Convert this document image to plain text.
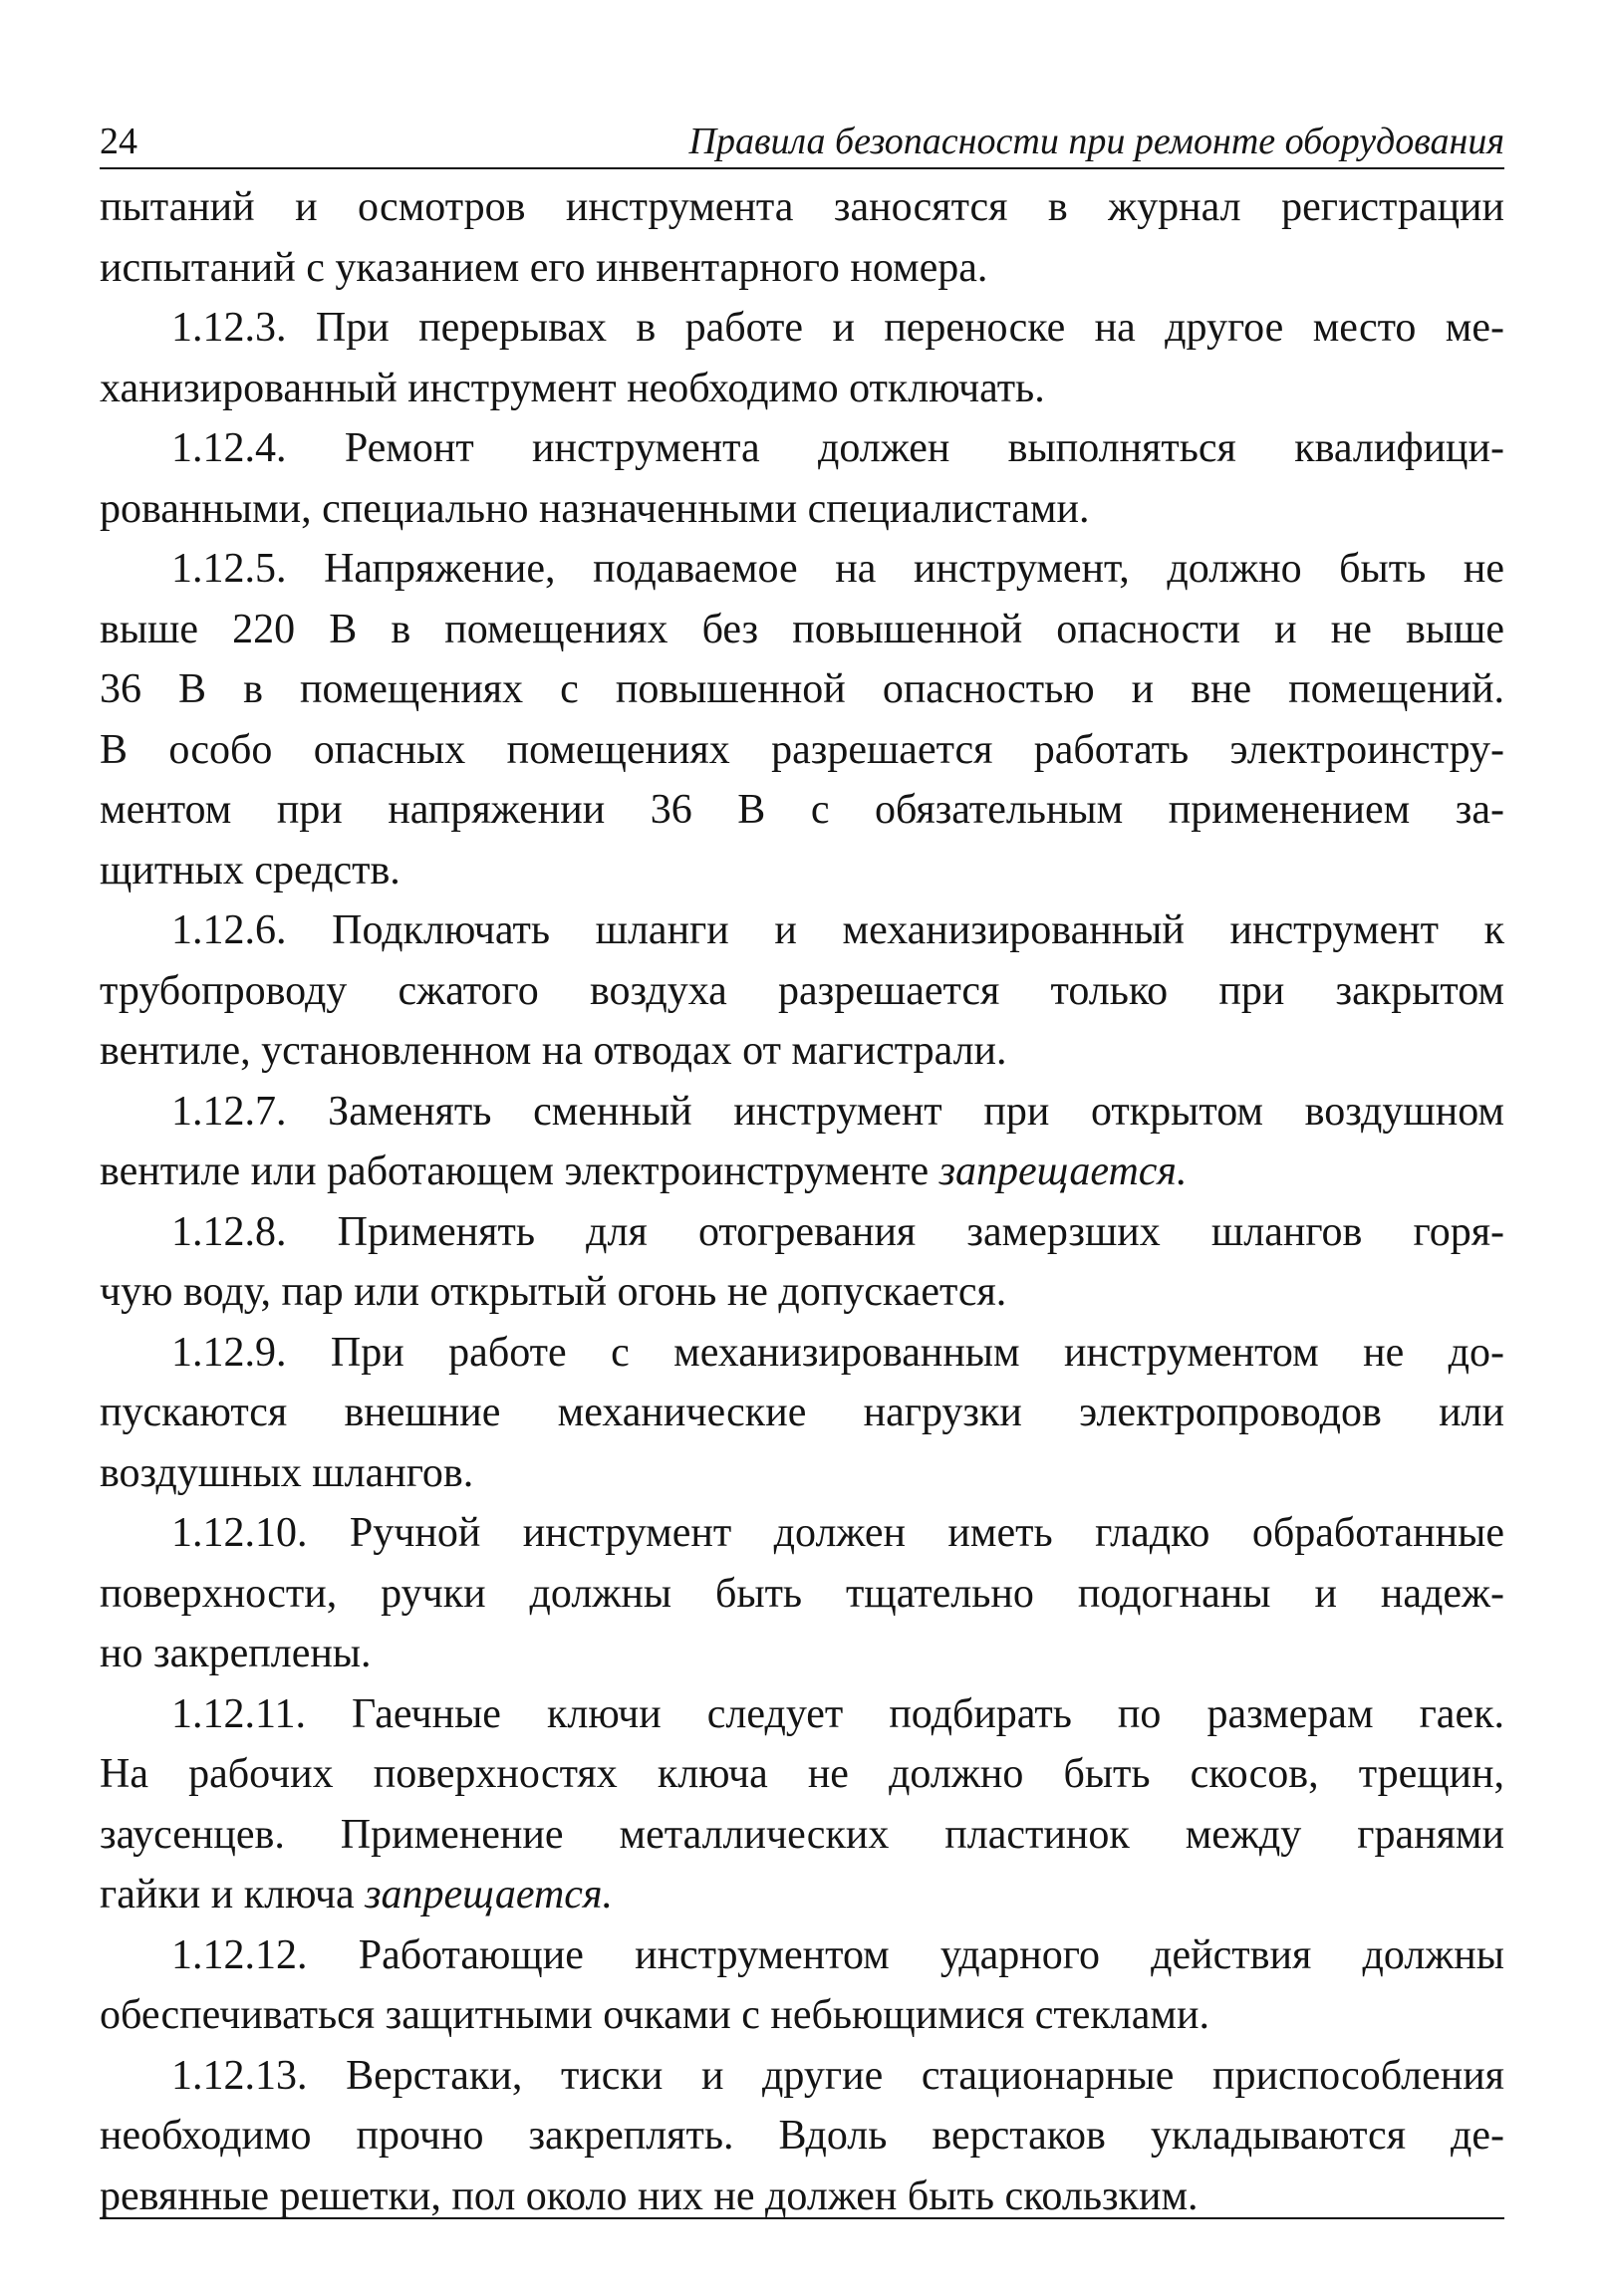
24	Правила безопасности при ремонте оборудования
пытаний и осмотров инструмента заносятся в журнал регистрации
испытаний с указанием его инвентарного номера.
1.12.3. При перерывах в работе и переноске на другое место ме-
ханизированный инструмент необходимо отключать.
1.12.4. Ремонт инструмента должен выполняться квалифици-
рованными, специально назначенными специалистами.
1.12.5. Напряжение, подаваемое на инструмент, должно быть не
выше 220 В в помещениях без повышенной опасности и не выше
36 В в помещениях с повышенной опасностью и вне помещений.
В особо опасных помещениях разрешается работать электроинстру-
ментом при напряжении 36 В с обязательным применением за-
щитных средств.
1.12.6. Подключать шланги и механизированный инструмент к
трубопроводу сжатого воздуха разрешается только при закрытом
вентиле, установленном на отводах от магистрали.
1.12.7. Заменять сменный инструмент при открытом воздушном
вентиле или работающем электроинструменте запрещается.
1.12.8. Применять для отогревания замерзших шлангов горя-
чую воду, пар или открытый огонь не допускается.
1.12.9. При работе с механизированным инструментом не до-
пускаются внешние механические нагрузки электропроводов или
воздушных шлангов.
1.12.10. Ручной инструмент должен иметь гладко обработанные
поверхности, ручки должны быть тщательно подогнаны и надеж-
но закреплены.
1.12.11. Гаечные ключи следует подбирать по размерам гаек.
На рабочих поверхностях ключа не должно быть скосов, трещин,
заусенцев. Применение металлических пластинок между гранями
гайки и ключа запрещается.
1.12.12. Работающие инструментом ударного действия должны
обеспечиваться защитными очками с небьющимися стеклами.
1.12.13. Верстаки, тиски и другие стационарные приспособления
необходимо прочно закреплять. Вдоль верстаков укладываются де-
ревянные решетки, пол около них не должен быть скользким.
